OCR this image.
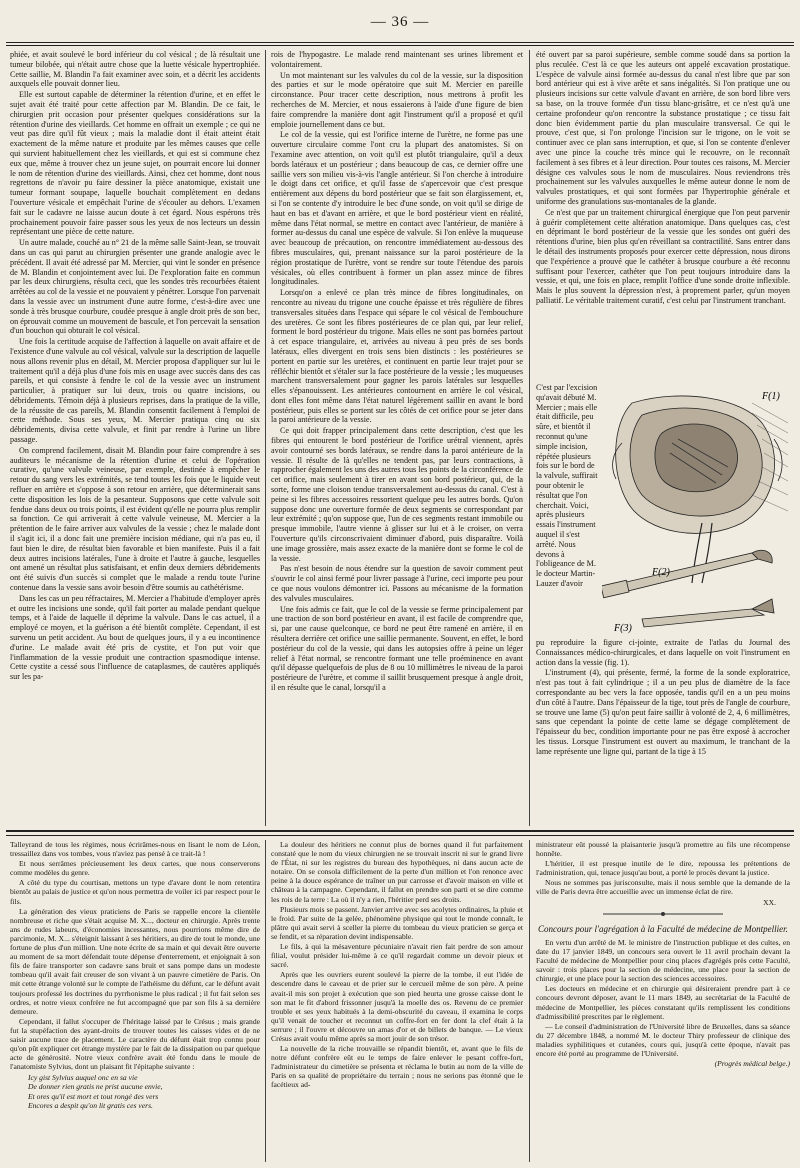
— 36 —

phiée, et avait soulevé le bord inférieur du col vésical ; de là résultait une tumeur bilobée, qui n'était autre chose que la luette vésicale hypertrophiée. Cette saillie, M. Blandin l'a fait examiner avec soin, et a décrit les accidents auxquels elle pouvait donner lieu.

Elle est surtout capable de déterminer la rétention d'urine, et en effet le sujet avait été traité pour cette affection par M. Blandin. De ce fait, le chirurgien prit occasion pour présenter quelques considérations sur la rétention d'urine des vieillards. Cet homme en offrait un exemple ; ce qui ne veut pas dire qu'il fût vieux ; mais la maladie dont il était atteint était exactement de la même nature et produite par les mêmes causes que celle qui survient habituellement chez les vieillards, et qui est si commune chez eux que, même à trouver chez un jeune sujet, on pourrait encore lui donner le nom de rétention d'urine des vieillards. Ainsi, chez cet homme, dont nous regrettons de n'avoir pu faire dessiner la pièce anatomique, existait une tumeur formant soupape, laquelle bouchait complètement en dedans l'ouverture vésicale et empêchait l'urine de s'écouler au dehors. L'examen fait sur le cadavre ne laisse aucun doute à cet égard. Nous espérons très prochainement pouvoir faire passer sous les yeux de nos lecteurs un dessin représentant une pièce de cette nature.

Un autre malade, couché au n° 21 de la même salle Saint-Jean, se trouvait dans un cas qui parut au chirurgien présenter une grande analogie avec le précédent. Il avait été adressé par M. Mercier, qui vint le sonder en présence de M. Blandin et conjointement avec lui. De l'exploration faite en commun par les deux chirurgiens, résulta ceci, que les sondes très recourbées étaient arrêtées au col de la vessie et ne pouvaient y pénétrer. Lorsque l'on parvenait dans la vessie avec un instrument d'une autre forme, c'est-à-dire avec une sonde à très brusque courbure, coudée presque à angle droit près de son bec, on éprouvait comme un mouvement de bascule, et l'on percevait la sensation d'un bouchon qui obturait le col vésical.

Une fois la certitude acquise de l'affection à laquelle on avait affaire et de l'existence d'une valvule au col vésical, valvule sur la description de laquelle nous allons revenir plus en détail, M. Mercier proposa d'appliquer sur lui le traitement qu'il a déjà plus d'une fois mis en usage avec succès dans des cas pareils, et qui consiste à fendre le col de la vessie avec un instrument particulier, à pratiquer sur lui deux, trois ou quatre incisions, ou débridements. Témoin déjà à plusieurs reprises, dans la pratique de la ville, de la réussite de cas pareils, M. Blandin consentit facilement à l'emploi de cette méthode. Sous ses yeux, M. Mercier pratiqua cinq ou six débridements, divisa cette valvule, et finit par rendre à l'urine un libre passage.

On comprend facilement, disait M. Blandin pour faire comprendre à ses auditeurs le mécanisme de la rétention d'urine et celui de l'opération curative, qu'une valvule veineuse, par exemple, destinée à empêcher le retour du sang vers les extrémités, se tend toutes les fois que le liquide veut refluer en arrière et s'oppose à son retour en arrière, que déterminerait sans cette disposition les lois de la pesanteur. Supposons que cette valvule soit fendue dans deux ou trois points, il est évident qu'elle ne pourra plus remplir sa fonction. Ce qui arriverait à cette valvule veineuse, M. Mercier a la prétention de le faire arriver aux valvules de la vessie ; chez le malade dont il s'agit ici, il a donc fait une première incision médiane, qui n'a pas eu, il faut bien le dire, de résultat bien favorable et bien manifeste. Puis il a fait deux autres incisions latérales, l'une à droite et l'autre à gauche, lesquelles ont amené un résultat plus satisfaisant, et enfin deux derniers débridements ont été suivis d'un succès si complet que le malade a rendu toute l'urine contenue dans la vessie sans avoir besoin d'être soumis au cathétérisme.

Dans les cas un peu réfractaires, M. Mercier a l'habitude d'employer après et outre les incisions une sonde, qu'il fait porter au malade pendant quelque temps, et à l'aide de laquelle il déprime la valvule. Dans le cas actuel, il a employé ce moyen, et la guérison a été bientôt complète. Cependant, il est survenu un petit accident. Au bout de quelques jours, il y a eu incontinence d'urine. Le malade avait été pris de cystite, et l'on put voir que l'inflammation de la vessie produit une contraction spasmodique intense. Cette cystite a cessé sous l'influence de cataplasmes, de cautères appliqués sur les pa-

rois de l'hypogastre. Le malade rend maintenant ses urines librement et volontairement.

Un mot maintenant sur les valvules du col de la vessie, sur la disposition des parties et sur le mode opératoire que suit M. Mercier en pareille circonstance. Pour tracer cette description, nous mettrons à profit les recherches de M. Mercier, et nous essaierons à l'aide d'une figure de bien faire comprendre la manière dont agit l'instrument qu'il a proposé et qu'il emploie journellement dans ce but.

Le col de la vessie, qui est l'orifice interne de l'urètre, ne forme pas une ouverture circulaire comme l'ont cru la plupart des anatomistes. Si on l'examine avec attention, on voit qu'il est plutôt triangulaire, qu'il a deux bords latéraux et un postérieur ; dans beaucoup de cas, ce dernier offre une saillie vers son milieu vis-à-vis l'angle antérieur. Si l'on cherche à introduire le doigt dans cet orifice, et qu'il fasse de s'apercevoir que c'est presque entièrement aux dépens du bord postérieur que se fait son élargissement, et, si l'on se contente d'y introduire le bec d'une sonde, on voit qu'il se dirige de haut en bas et d'avant en arrière, et que le bord postérieur vient en réalité, même dans l'état normal, se mettre en contact avec l'antérieur, de manière à former au-dessus du canal une espèce de valvule. Si l'on enlève la muqueuse avec beaucoup de précaution, on rencontre immédiatement au-dessous des fibres musculaires, qui, prenant naissance sur la paroi postérieure de la région prostatique de l'urètre, vont se rendre sur toute l'étendue des parois vésicales, où elles contribuent à former un plan assez mince de fibres longitudinales.

Lorsqu'on a enlevé ce plan très mince de fibres longitudinales, on rencontre au niveau du trigone une couche épaisse et très régulière de fibres transversales situées dans l'espace qui sépare le col vésical de l'embouchure des uretères. Ce sont les fibres postérieures de ce plan qui, par leur relief, forment le bord postérieur du trigone. Mais elles ne sont pas bornées partout à cet espace triangulaire, et, arrivées au niveau à peu près de ses bords latéraux, elles divergent en trois sens bien distincts : les postérieures se portent en partie sur les uretères, et continuent en partie leur trajet pour se réfléchir bientôt et s'étaler sur la face postérieure de la vessie ; les muqueuses marchent transversalement pour gagner les parois latérales sur lesquelles elles s'épanouissent. Les antérieures contournent en arrière le col vésical, dont elles font même dans l'état naturel légèrement saillir en avant le bord postérieur, puis elles se portent sur les côtés de cet orifice pour se jeter dans la paroi antérieure de la vessie.

Ce qui doit frapper principalement dans cette description, c'est que les fibres qui entourent le bord postérieur de l'orifice urétral viennent, après avoir contourné ses bords latéraux, se rendre dans la paroi antérieure de la vessie. Il résulte de là qu'elles ne tendent pas, par leurs contractions, à rapprocher également les uns des autres tous les points de la circonférence de cet orifice, mais seulement à tirer en avant son bord postérieur, qui, de la sorte, forme une cloison tendue transversalement au-dessus du canal. C'est à peine si les fibres accessoires ressortent quelque peu les autres bords. Qu'on suppose donc une ouverture formée de deux segments se correspondant par leur extrémité ; qu'on suppose que, l'un de ces segments restant immobile ou presque immobile, l'autre vienne à glisser sur lui et à le croiser, on verra l'ouverture qu'ils circonscrivaient diminuer d'abord, puis disparaître. Voilà une image grossière, mais assez exacte de la manière dont se forme le col de la vessie.

Pas n'est besoin de nous étendre sur la question de savoir comment peut s'ouvrir le col ainsi fermé pour livrer passage à l'urine, ceci importe peu pour ce que nous voulons démontrer ici. Passons au mécanisme de la formation des valvules musculaires.

Une fois admis ce fait, que le col de la vessie se ferme principalement par une traction de son bord postérieur en avant, il est facile de comprendre que, si, par une cause quelconque, ce bord ne peut être ramené en arrière, il en résultera derrière cet orifice une saillie permanente. Souvent, en effet, le bord postérieur du col de la vessie, qui dans les autopsies offre à peine un léger relief à l'état normal, se rencontre formant une telle proéminence en avant qu'il dépasse quelquefois de plus de 8 ou 10 millimètres le niveau de la paroi postérieure de l'urètre, et comme il saillit brusquement presque à angle droit, il en résulte que le canal, lorsqu'il a

été ouvert par sa paroi supérieure, semble comme soudé dans sa portion la plus reculée. C'est là ce que les auteurs ont appelé excavation prostatique. L'espèce de valvule ainsi formée au-dessus du canal n'est libre que par son bord antérieur qui est à vive arête et sans inégalités. Si l'on pratique une ou plusieurs incisions sur cette valvule d'avant en arrière, de son bord libre vers sa base, on la trouve formée d'un tissu blanc-grisâtre, et ce n'est qu'à une certaine profondeur qu'on rencontre la substance prostatique ; ce tissu fait donc bien évidemment partie du plan musculaire transversal. Ce qui le prouve, c'est que, si l'on prolonge l'incision sur le trigone, on le voit se continuer avec ce plan sans interruption, et que, si l'on se contente d'enlever avec une pince la couche très mince qui le recouvre, on le reconnaît facilement à ses fibres et à leur direction. Pour toutes ces raisons, M. Mercier désigne ces valvules sous le nom de musculaires. Nous reviendrons très prochainement sur les valvules auxquelles le même auteur donne le nom de valvules prostatiques, et qui sont formées par l'hypertrophie générale et uniforme des granulations sus-montanales de la glande.

Ce n'est que par un traitement chirurgical énergique que l'on peut parvenir à guérir complètement cette altération anatomique. Dans quelques cas, c'est en déprimant le bord postérieur de la vessie que les sondes ont guéri des rétentions d'urine, bien plus qu'en réveillant sa contractilité. Sans entrer dans le détail des instruments proposés pour exercer cette dépression, nous dirons que l'expérience a prouvé que le cathéter à brusque courbure a été reconnu suffisant pour l'exercer, cathéter que l'on peut toujours introduire dans la vessie, et qui, une fois en place, remplit l'office d'une sonde droite inflexible. Mais le plus souvent la dépression n'est, à proprement parler, qu'un moyen palliatif. Le véritable traitement curatif, c'est celui par l'instrument tranchant.

C'est par l'excision qu'avait débuté M. Mercier ; mais elle était difficile, peu sûre, et bientôt il reconnut qu'une simple incision, répétée plusieurs fois sur le bord de la valvule, suffirait pour obtenir le résultat que l'on cherchait. Voici, après plusieurs essais l'instrument auquel il s'est arrêté. Nous devons à l'obligeance de M. le docteur Martin-Lauzer d'avoir
F(1)
F(2)
F(3)

pu reproduire la figure ci-jointe, extraite de l'atlas du Journal des Connaissances médico-chirurgicales, et dans laquelle on voit l'instrument en action dans la vessie (fig. 1).

L'instrument (4), qui présente, fermé, la forme de la sonde exploratrice, n'est pas tout à fait cylindrique ; il a un peu plus de diamètre de la face correspondante au bec vers la face opposée, tandis qu'il en a un peu moins d'un côté à l'autre. Dans l'épaisseur de la tige, tout près de l'angle de courbure, se trouve une lame (5) qu'on peut faire saillir à volonté de 2, 4, 6 millimètres, sans que cependant la pointe de cette lame se dégage complètement de l'épaisseur du bec, condition importante pour ne pas être exposé à accrocher les tissus. Lorsque l'instrument est ouvert au maximum, le tranchant de la lame représente une ligne qui, partant de la tige à 15

Talleyrand de tous les régimes, nous écrirâmes-nous en lisant le nom de Léon, tressaillez dans vos tombes, vous n'aviez pas pensé à ce trait-là !

Et nous serrâmes précieusement les deux cartes, que nous conserverons comme modèles du genre.

A côté du type du courtisan, mettons un type d'avare dont le nom retentira bientôt au palais de justice et qu'on nous permettra de voiler ici par respect pour le fils.

La génération des vieux praticiens de Paris se rappelle encore la clientèle nombreuse et riche que s'était acquise M. X..., docteur en chirurgie. Après trente ans de rudes labeurs, d'économies incessantes, nous pourrions même dire de parcimonie, M. X... s'éteignit laissant à ses héritiers, au dire de tout le monde, une fortune de plus d'un million. Une note écrite de sa main et qui devait être ouverte au moment de sa mort défendait toute dépense d'enterrement, et enjoignait à son fils de faire transporter son cadavre sans bruit et sans pompe dans un modeste tombeau qu'il avait fait creuser de son vivant à un pauvre cimetière de Paris. On mit cette étrange volonté sur le compte de l'athéisme du défunt, car le défunt avait toujours professé les doctrines du pyrrhonisme le plus radical ; il fut fait selon ses ordres, et notre vieux confrère ne fut accompagné que par son fils à sa dernière demeure.

Cependant, il fallut s'occuper de l'héritage laissé par le Crésus ; mais grande fut la stupéfaction des ayant-droits de trouver toutes les caisses vides et de ne saisir aucune trace de placement. Le caractère du défunt était trop connu pour qu'on pût expliquer cet étrange mystère par le fait de la dissipation ou par quelque acte de générosité. Notre vieux confrère avait été fondu dans le moule de l'anatomiste Sylvius, dont un plaisant fit l'épitaphe suivante :

Icy gist Sylvius auquel onc en sa vie
De donner rien gratis ne prist aucune envie,
Et ores qu'il est mort et tout rongé des vers
Encores a despit qu'on lit gratis ces vers.

La douleur des héritiers ne connut plus de bornes quand il fut parfaitement constaté que le nom du vieux chirurgien ne se trouvait inscrit ni sur le grand livre de l'État, ni sur les registres du bureau des hypothèques, ni dans aucun acte de notaire. On se consola difficilement de la perte d'un million et l'on renonce avec peine à la douce espérance de traîner un pur carrosse et d'avoir maison en ville et château à la campagne. Cependant, il fallut en prendre son parti et se dire comme les rois de la terre : La où il n'y a rien, l'héritier perd ses droits.

Plusieurs mois se passent. Janvier arrive avec ses acolytes ordinaires, la pluie et le froid. Par suite de la gelée, phénomène physique qui tout le monde connaît, le plâtre qui avait servi à sceller la pierre du tombeau du vieux praticien se gerça et se fendit, et sa réparation devint indispensable.

Le fils, à qui la mésaventure pécuniaire n'avait rien fait perdre de son amour filial, voulut présider lui-même à ce qu'il regardait comme un devoir pieux et sacré.

Après que les ouvriers eurent soulevé la pierre de la tombe, il eut l'idée de descendre dans le caveau et de prier sur le cercueil même de son père. A peine avait-il mis son projet à exécution que son pied heurta une grosse caisse dont le son mat le fit d'abord frissonner jusqu'à la moelle des os. Revenu de ce premier trouble et ses yeux habitués à la demi-obscurité du caveau, il examina le corps qu'il venait de toucher et reconnut un coffre-fort en fer dont la clef était à la serrure ; il l'ouvre et découvre un amas d'or et de billets de banque. — Le vieux Crésus avait voulu même après sa mort jouir de son trésor.

La nouvelle de la riche trouvaille se répandit bientôt, et, avant que le fils de notre défunt confrère eût eu le temps de faire enlever le pesant coffre-fort, l'administrateur du cimetière se présenta et réclama le butin au nom de la ville de Paris en sa qualité de propriétaire du terrain ; nous ne serions pas étonné que le facétieux ad-

ministrateur eût poussé la plaisanterie jusqu'à promettre au fils une récompense honnête.

L'héritier, il est presque inutile de le dire, repoussa les prétentions de l'administration, qui, tenace jusqu'au bout, a porté le procès devant la justice.

Nous ne sommes pas jurisconsulte, mais il nous semble que la demande de la ville de Paris devra être accueillie avec un immense éclat de rire.

XX.
Concours pour l'agrégation à la Faculté de médecine de Montpellier.

En vertu d'un arrêté de M. le ministre de l'instruction publique et des cultes, en date du 17 janvier 1849, un concours sera ouvert le 11 avril prochain devant la Faculté de médecine de Montpellier pour cinq places d'agrégés près cette Faculté, savoir : trois places pour la section de médecine, une place pour la section de chirurgie, et une place pour la section des sciences accessoires.

Les docteurs en médecine et en chirurgie qui désireraient prendre part à ce concours devront déposer, avant le 11 mars 1849, au secrétariat de la Faculté de médecine de Montpellier, les pièces constatant qu'ils remplissent les conditions d'admissibilité prescrites par le règlement.

— Le conseil d'administration de l'Université libre de Bruxelles, dans sa séance du 27 décembre 1848, a nommé M. le docteur Thiry professeur de clinique des maladies syphilitiques et cutanées, cours qui, jusqu'à cette époque, n'avait pas encore été porté au programme de l'Université.

(Progrès médical belge.)
